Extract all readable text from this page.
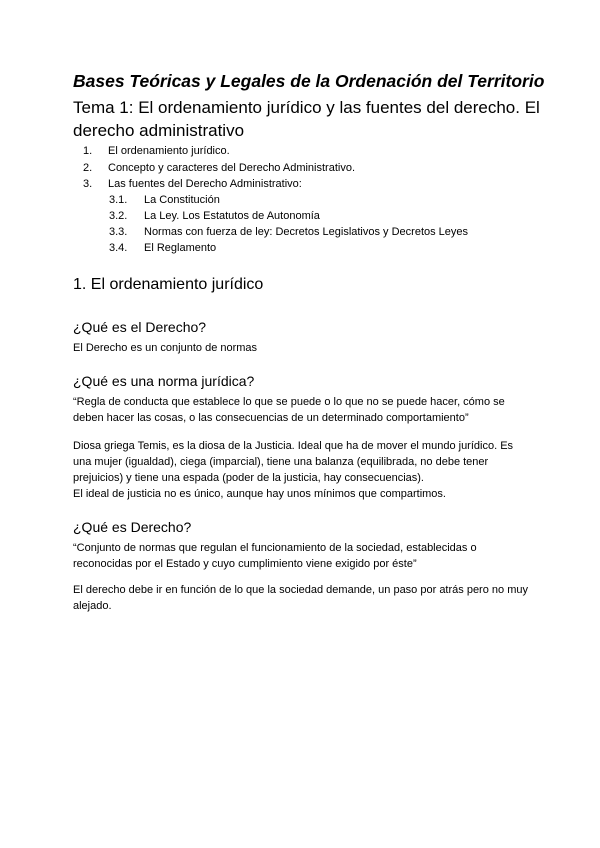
Bases Teóricas y Legales de la Ordenación del Territorio

Tema 1: El ordenamiento jurídico y las fuentes del derecho. El derecho administrativo

1. El ordenamiento jurídico.
2. Concepto y caracteres del Derecho Administrativo.
3. Las fuentes del Derecho Administrativo:
3.1. La Constitución
3.2. La Ley. Los Estatutos de Autonomía
3.3. Normas con fuerza de ley: Decretos Legislativos y Decretos Leyes
3.4. El Reglamento
1. El ordenamiento jurídico
¿Qué es el Derecho?

El Derecho es un conjunto de normas

¿Qué es una norma jurídica?

“Regla de conducta que establece lo que se puede o lo que no se puede hacer, cómo se deben hacer las cosas, o las consecuencias de un determinado comportamiento”

Diosa griega Temis, es la diosa de la Justicia. Ideal que ha de mover el mundo jurídico. Es una mujer (igualdad), ciega (imparcial), tiene una balanza (equilibrada, no debe tener prejuicios) y tiene una espada (poder de la justicia, hay consecuencias).

El ideal de justicia no es único, aunque hay unos mínimos que compartimos.

¿Qué es Derecho?

“Conjunto de normas que regulan el funcionamiento de la sociedad, establecidas o reconocidas por el Estado y cuyo cumplimiento viene exigido por éste”

El derecho debe ir en función de lo que la sociedad demande, un paso por atrás pero no muy alejado.
